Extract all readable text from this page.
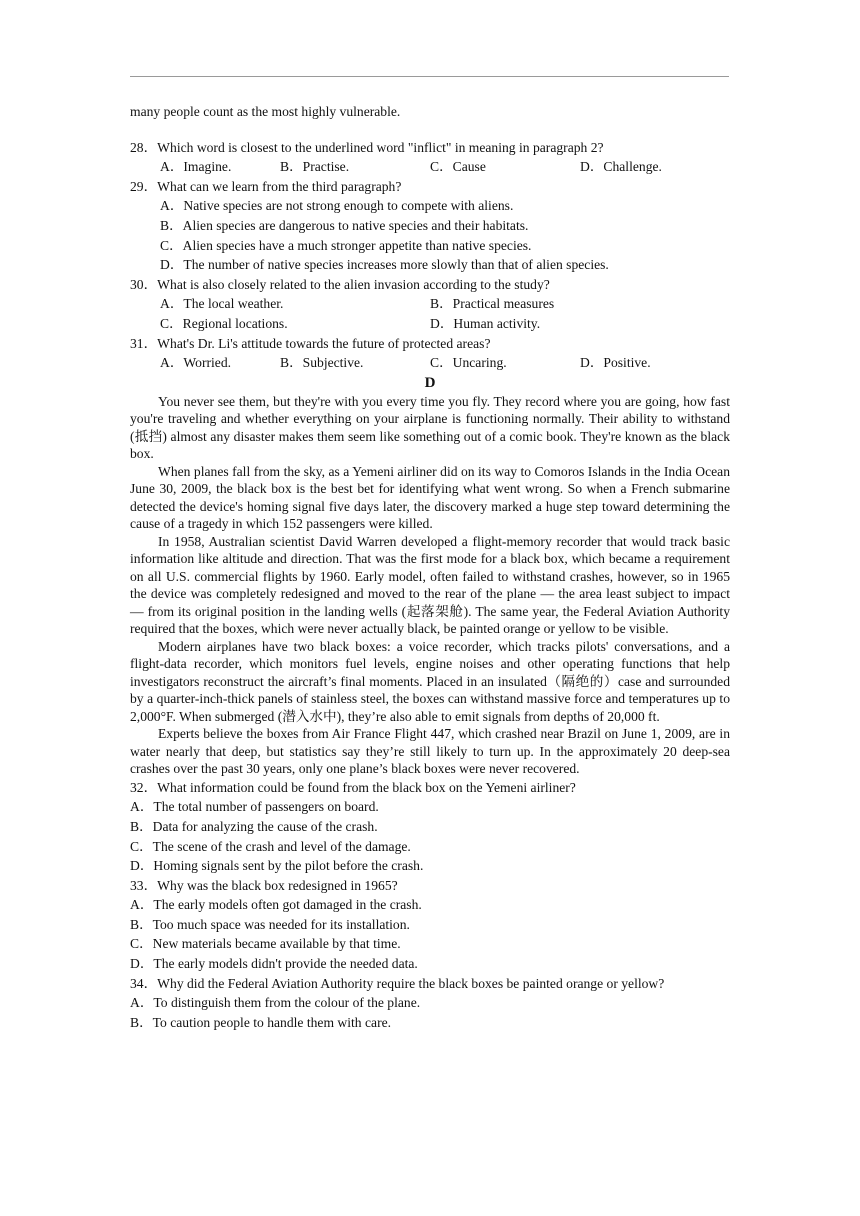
many people count as the most highly vulnerable.
28．Which word is closest to the underlined word "inflict" in meaning in paragraph 2?
A．Imagine.	B．Practise.	C．Cause	D．Challenge.
29．What can we learn from the third paragraph?
A．Native species are not strong enough to compete with aliens.
B．Alien species are dangerous to native species and their habitats.
C．Alien species have a much stronger appetite than native species.
D．The number of native species increases more slowly than that of alien species.
30．What is also closely related to the alien invasion according to the study?
A．The local weather.	B．Practical measures
C．Regional locations.	D．Human activity.
31．What's Dr. Li's attitude towards the future of protected areas?
A．Worried.	B．Subjective.	C．Uncaring.	D．Positive.
D

You never see them, but they're with you every time you fly. They record where you are going, how fast you're traveling and whether everything on your airplane is functioning normally. Their ability to withstand (抵挡) almost any disaster makes them seem like something out of a comic book. They're known as the black box.

When planes fall from the sky, as a Yemeni airliner did on its way to Comoros Islands in the India Ocean June 30, 2009, the black box is the best bet for identifying what went wrong. So when a French submarine detected the device's homing signal five days later, the discovery marked a huge step toward determining the cause of a tragedy in which 152 passengers were killed.

In 1958, Australian scientist David Warren developed a flight-memory recorder that would track basic information like altitude and direction. That was the first mode for a black box, which became a requirement on all U.S. commercial flights by 1960. Early model, often failed to withstand crashes, however, so in 1965 the device was completely redesigned and moved to the rear of the plane — the area least subject to impact — from its original position in the landing wells (起落架舱). The same year, the Federal Aviation Authority required that the boxes, which were never actually black, be painted orange or yellow to be visible.

Modern airplanes have two black boxes: a voice recorder, which tracks pilots' conversations, and a flight-data recorder, which monitors fuel levels, engine noises and other operating functions that help investigators reconstruct the aircraft’s final moments. Placed in an insulated（隔绝的）case and surrounded by a quarter-inch-thick panels of stainless steel, the boxes can withstand massive force and temperatures up to 2,000°F. When submerged (潜入水中), they’re also able to emit signals from depths of 20,000 ft.

Experts believe the boxes from Air France Flight 447, which crashed near Brazil on June 1, 2009, are in water nearly that deep, but statistics say they’re still likely to turn up. In the approximately 20 deep-sea crashes over the past 30 years, only one plane’s black boxes were never recovered.

32．What information could be found from the black box on the Yemeni airliner?
A．The total number of passengers on board.
B．Data for analyzing the cause of the crash.
C．The scene of the crash and level of the damage.
D．Homing signals sent by the pilot before the crash.
33．Why was the black box redesigned in 1965?
A．The early models often got damaged in the crash.
B．Too much space was needed for its installation.
C．New materials became available by that time.
D．The early models didn't provide the needed data.
34．Why did the Federal Aviation Authority require the black boxes be painted orange or yellow?
A．To distinguish them from the colour of the plane.
B．To caution people to handle them with care.
